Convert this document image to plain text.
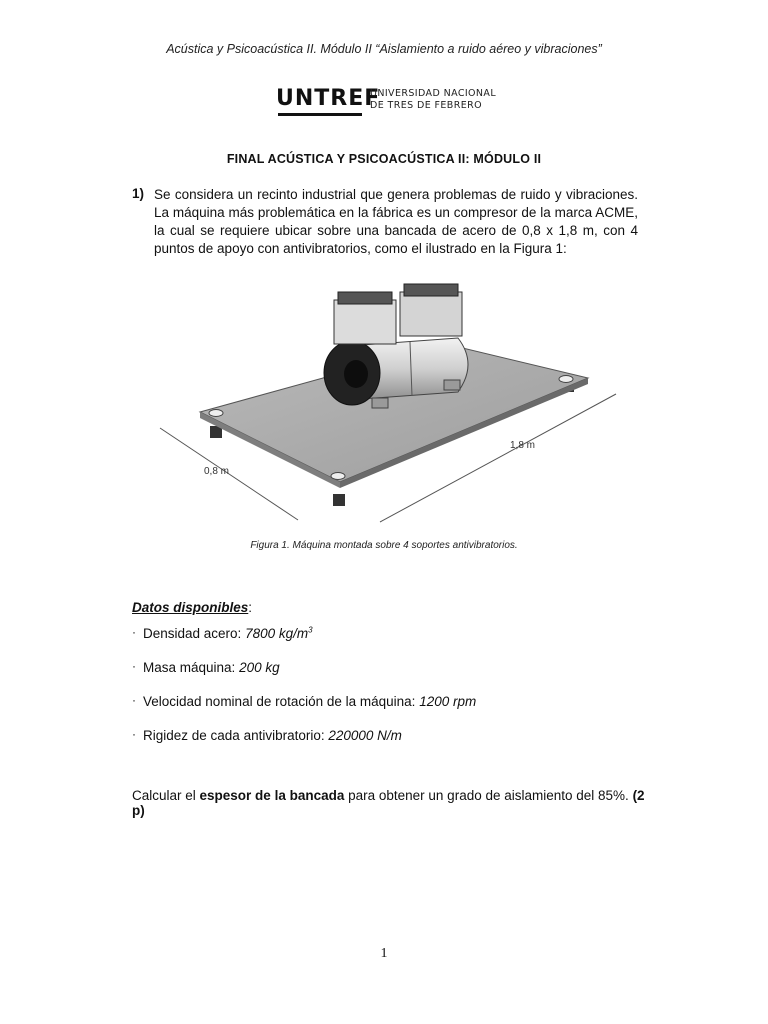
Acústica y Psicoacústica II. Módulo II “Aislamiento a ruido aéreo y vibraciones”
UNTREF
UNIVERSIDAD NACIONAL
DE TRES DE FEBRERO
FINAL ACÚSTICA Y PSICOACÚSTICA II: MÓDULO II
1) Se considera un recinto industrial que genera problemas de ruido y vibraciones. La máquina más problemática en la fábrica es un compresor de la marca ACME, la cual se requiere ubicar sobre una bancada de acero de 0,8 x 1,8 m, con 4 puntos de apoyo con antivibratorios, como el ilustrado en la Figura 1:
0,8 m
1,8 m
Figura 1. Máquina montada sobre 4 soportes antivibratorios.
Datos disponibles:
· Densidad acero: 7800 $kg/m^3$
· Masa máquina: 200 kg
· Velocidad nominal de rotación de la máquina: 1200 rpm
· Rigidez de cada antivibratorio: 220000 N/m
Calcular el espesor de la bancada para obtener un grado de aislamiento del 85%. (2 p)
1
